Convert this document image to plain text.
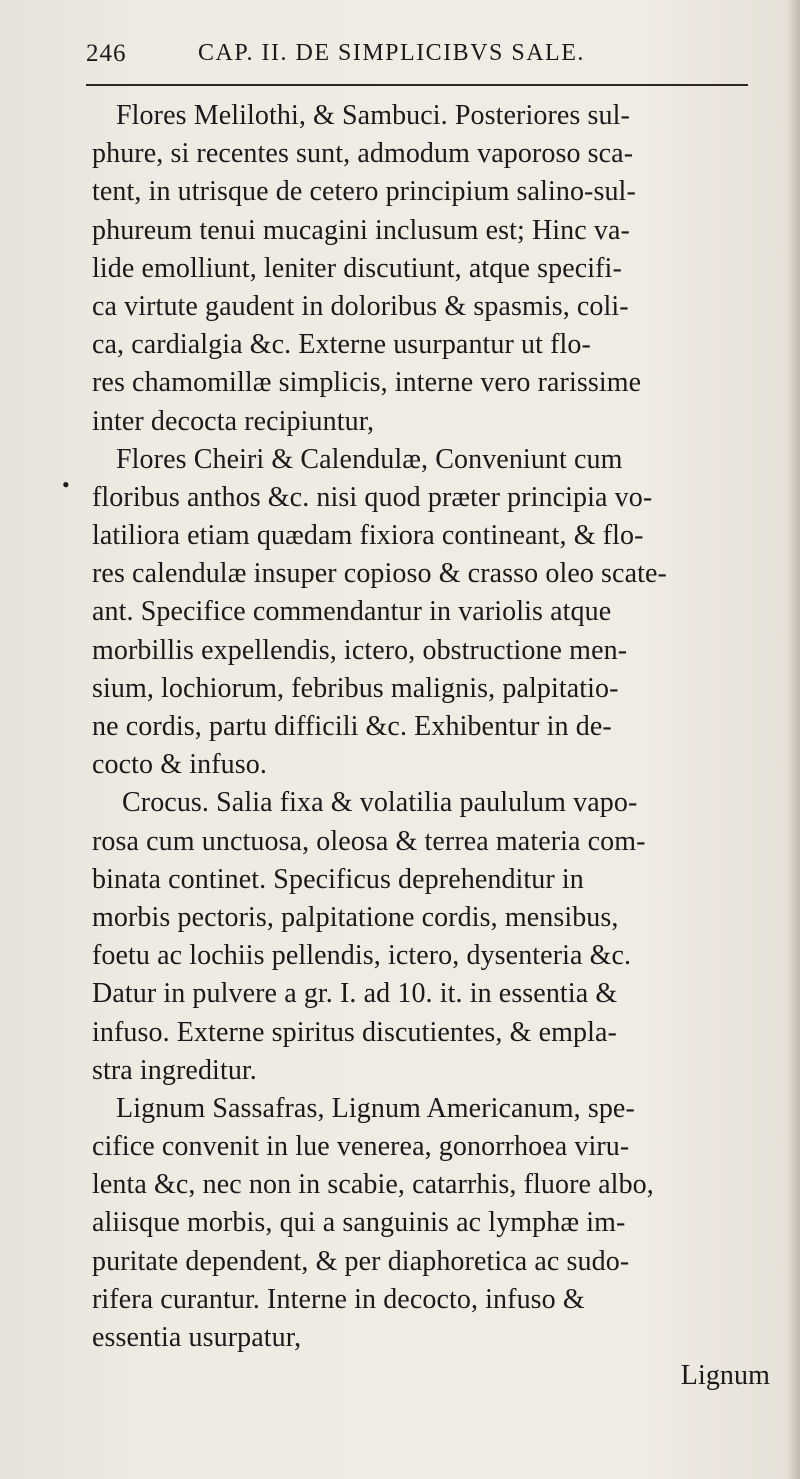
246	CAP. II. DE SIMPLICIBVS SALE.
•
Flores Melilothi, & Sambuci. Posteriores sul-
phure, si recentes sunt, admodum vaporoso sca-
tent, in utrisque de cetero principium salino-sul-
phureum tenui mucagini inclusum est; Hinc va-
lide emolliunt, leniter discutiunt, atque specifi-
ca virtute gaudent in doloribus & spasmis, coli-
ca, cardialgia &c. Externe usurpantur ut flo-
res chamomillæ simplicis, interne vero rarissime
inter decocta recipiuntur,
Flores Cheiri & Calendulæ, Conveniunt cum
floribus anthos &c. nisi quod præter principia vo-
latiliora etiam quædam fixiora contineant, & flo-
res calendulæ insuper copioso & crasso oleo scate-
ant. Specifice commendantur in variolis atque
morbillis expellendis, ictero, obstructione men-
sium, lochiorum, febribus malignis, palpitatio-
ne cordis, partu difficili &c. Exhibentur in de-
cocto & infuso.
Crocus. Salia fixa & volatilia paululum vapo-
rosa cum unctuosa, oleosa & terrea materia com-
binata continet. Specificus deprehenditur in
morbis pectoris, palpitatione cordis, mensibus,
foetu ac lochiis pellendis, ictero, dysenteria &c.
Datur in pulvere a gr. I. ad 10. it. in essentia &
infuso. Externe spiritus discutientes, & empla-
stra ingreditur.
Lignum Sassafras, Lignum Americanum, spe-
cifice convenit in lue venerea, gonorrhoea viru-
lenta &c, nec non in scabie, catarrhis, fluore albo,
aliisque morbis, qui a sanguinis ac lymphæ im-
puritate dependent, & per diaphoretica ac sudo-
rifera curantur. Interne in decocto, infuso &
essentia usurpatur,
Lignum
